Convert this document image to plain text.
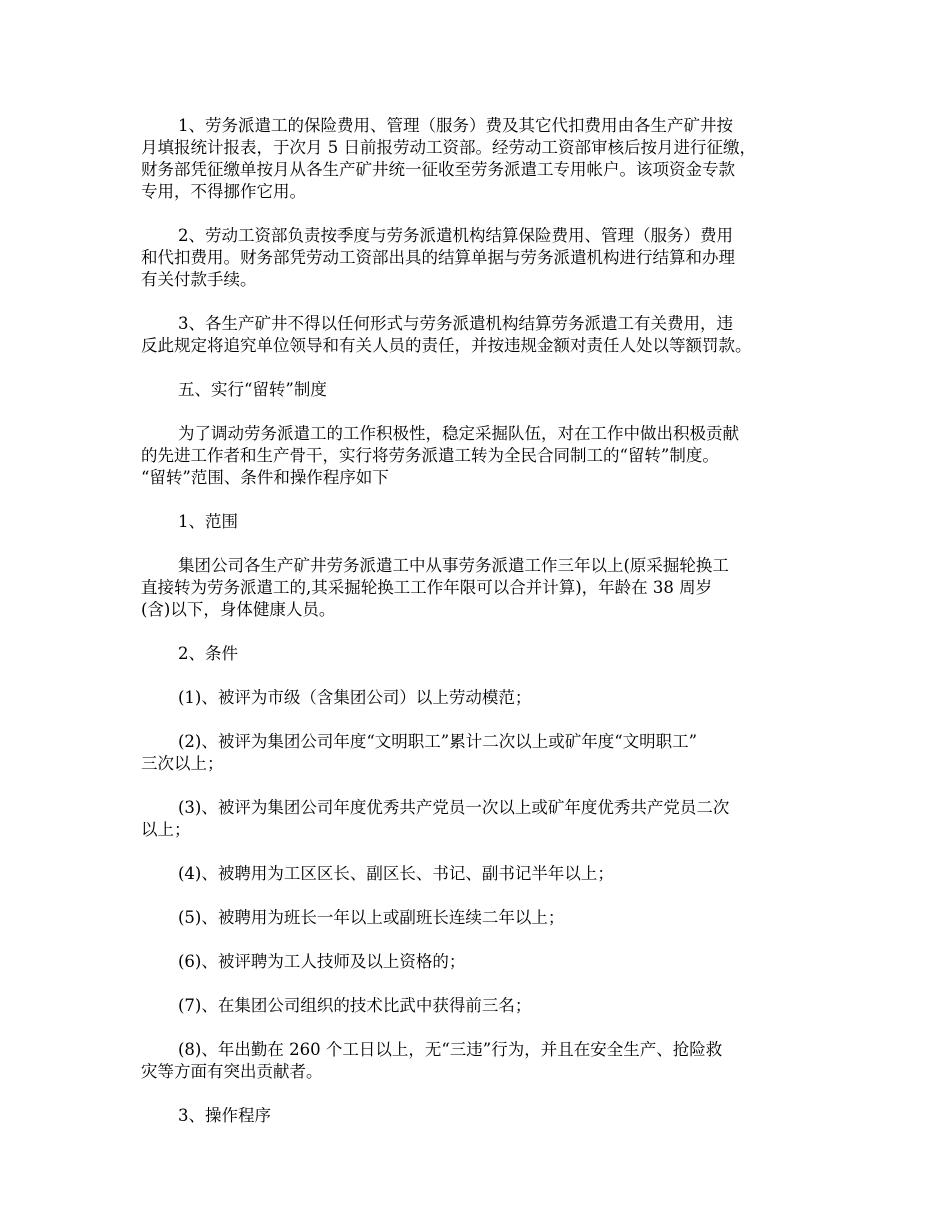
1、劳务派遣工的保险费用、管理（服务）费及其它代扣费用由各生产矿井按
月填报统计报表，于次月 5 日前报劳动工资部。经劳动工资部审核后按月进行征缴，
财务部凭征缴单按月从各生产矿井统一征收至劳务派遣工专用帐户。该项资金专款
专用，不得挪作它用。
2、劳动工资部负责按季度与劳务派遣机构结算保险费用、管理（服务）费用
和代扣费用。财务部凭劳动工资部出具的结算单据与劳务派遣机构进行结算和办理
有关付款手续。
3、各生产矿井不得以任何形式与劳务派遣机构结算劳务派遣工有关费用，违
反此规定将追究单位领导和有关人员的责任，并按违规金额对责任人处以等额罚款。
五、实行“留转”制度
为了调动劳务派遣工的工作积极性，稳定采掘队伍，对在工作中做出积极贡献
的先进工作者和生产骨干，实行将劳务派遣工转为全民合同制工的“留转”制度。
“留转”范围、条件和操作程序如下
1、范围
集团公司各生产矿井劳务派遣工中从事劳务派遣工作三年以上(原采掘轮换工
直接转为劳务派遣工的,其采掘轮换工工作年限可以合并计算)，年龄在 38 周岁
(含)以下，身体健康人员。
2、条件
(1)、被评为市级（含集团公司）以上劳动模范；
(2)、被评为集团公司年度“文明职工”累计二次以上或矿年度“文明职工”
三次以上；
(3)、被评为集团公司年度优秀共产党员一次以上或矿年度优秀共产党员二次
以上；
(4)、被聘用为工区区长、副区长、书记、副书记半年以上；
(5)、被聘用为班长一年以上或副班长连续二年以上；
(6)、被评聘为工人技师及以上资格的；
(7)、在集团公司组织的技术比武中获得前三名；
(8)、年出勤在 260 个工日以上，无“三违”行为，并且在安全生产、抢险救
灾等方面有突出贡献者。
3、操作程序
